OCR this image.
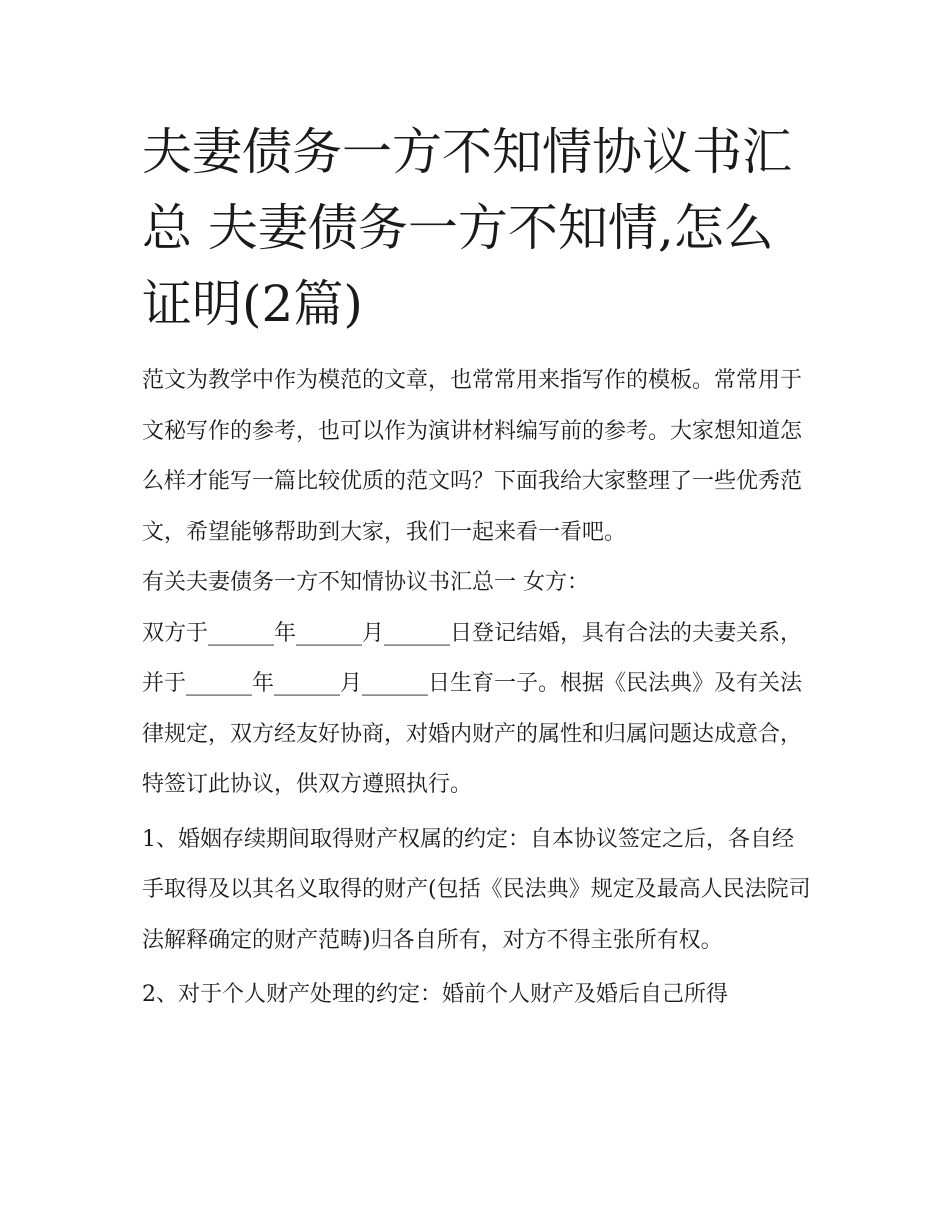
夫妻债务一方不知情协议书汇总 夫妻债务一方不知情,怎么证明(2篇)

范文为教学中作为模范的文章，也常常用来指写作的模板。常常用于文秘写作的参考，也可以作为演讲材料编写前的参考。大家想知道怎么样才能写一篇比较优质的范文吗？下面我给大家整理了一些优秀范文，希望能够帮助到大家，我们一起来看一看吧。

有关夫妻债务一方不知情协议书汇总一 女方：

双方于______年______月______日登记结婚，具有合法的夫妻关系，并于______年______月______日生育一子。根据《民法典》及有关法律规定，双方经友好协商，对婚内财产的属性和归属问题达成意合，特签订此协议，供双方遵照执行。

1、婚姻存续期间取得财产权属的约定：自本协议签定之后，各自经手取得及以其名义取得的财产(包括《民法典》规定及最高人民法院司法解释确定的财产范畴)归各自所有，对方不得主张所有权。

2、对于个人财产处理的约定：婚前个人财产及婚后自己所得
